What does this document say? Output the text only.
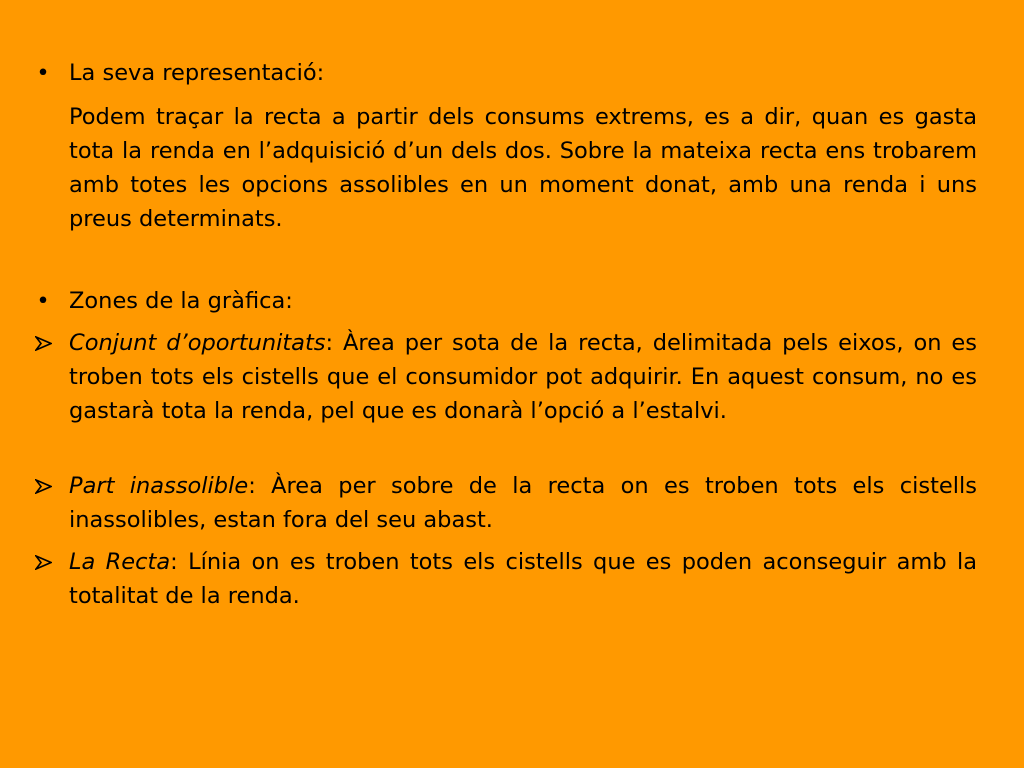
• La seva representació:
Podem traçar la recta a partir dels consums extrems, es a dir, quan es gasta tota la renda en l’adquisició d’un dels dos. Sobre la mateixa recta ens trobarem amb totes les opcions assolibles en un moment donat, amb una renda i uns preus determinats.
• Zones de la gràfica:
Conjunt d’oportunitats: Àrea per sota de la recta, delimitada pels eixos, on es troben tots els cistells que el consumidor pot adquirir. En aquest consum, no es gastarà tota la renda, pel que es donarà l’opció a l’estalvi.
Part inassolible: Àrea per sobre de la recta on es troben tots els cistells inassolibles, estan fora del seu abast.
La Recta: Línia on es troben tots els cistells que es poden aconseguir amb la totalitat de la renda.
